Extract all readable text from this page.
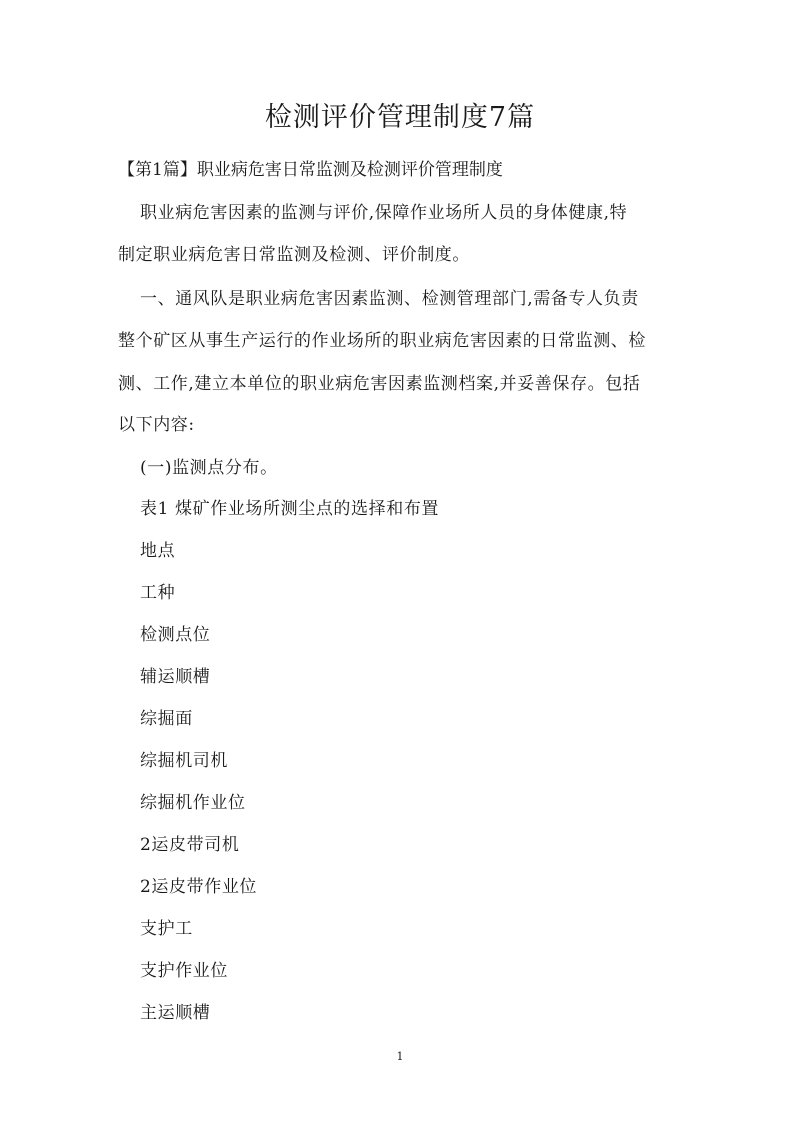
检测评价管理制度7篇

【第1篇】职业病危害日常监测及检测评价管理制度

职业病危害因素的监测与评价,保障作业场所人员的身体健康,特

制定职业病危害日常监测及检测、评价制度。

一、通风队是职业病危害因素监测、检测管理部门,需备专人负责

整个矿区从事生产运行的作业场所的职业病危害因素的日常监测、检

测、工作,建立本单位的职业病危害因素监测档案,并妥善保存。包括

以下内容:

(一)监测点分布。

表1 煤矿作业场所测尘点的选择和布置

地点

工种

检测点位

辅运顺槽

综掘面

综掘机司机

综掘机作业位

2运皮带司机

2运皮带作业位

支护工

支护作业位

主运顺槽

1
